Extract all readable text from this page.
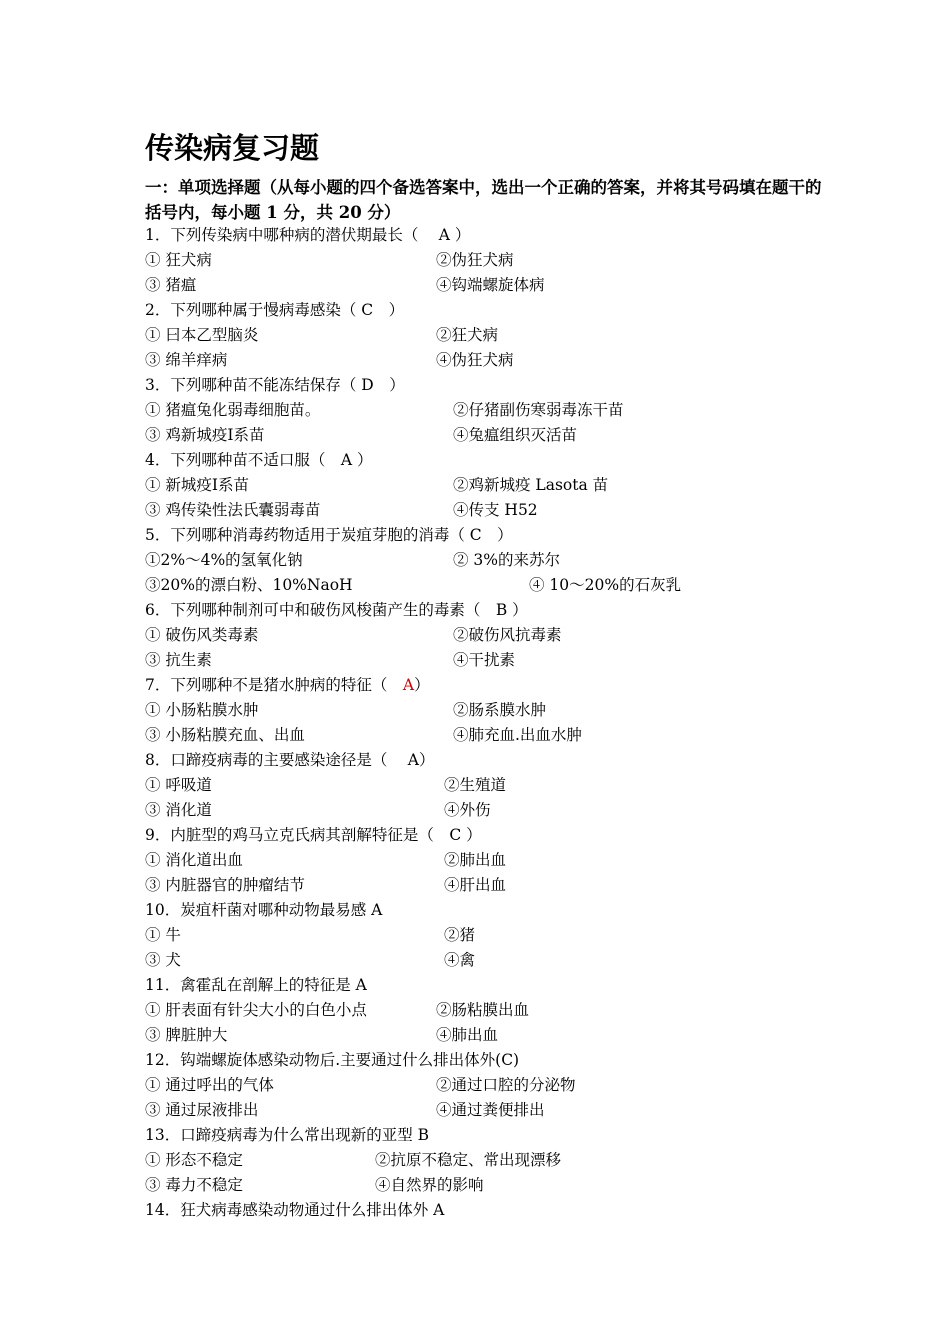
传染病复习题
一：单项选择题（从每小题的四个备选答案中，选出一个正确的答案，并将其号码填在题干的括号内，每小题 1 分，共 20 分）
1．下列传染病中哪种病的潜伏期最长（　 A ）
① 狂犬病	②伪狂犬病
③ 猪瘟	④钩端螺旋体病
2．下列哪种属于慢病毒感染（ C　）
① 曰本乙型脑炎	②狂犬病
③ 绵羊痒病	④伪狂犬病
3．下列哪种苗不能冻结保存（ D　）
① 猪瘟兔化弱毒细胞苗。	②仔猪副伤寒弱毒冻干苗
③ 鸡新城疫Ⅰ系苗	④兔瘟组织灭活苗
4．下列哪种苗不适口服（　A ）
① 新城疫Ⅰ系苗	②鸡新城疫 Lasota 苗
③ 鸡传染性法氏囊弱毒苗	④传支 H52
5．下列哪种消毒药物适用于炭疽芽胞的消毒（ C　）
①2%～4%的氢氧化钠	② 3%的来苏尔
③20%的漂白粉、10%NaoH	④ 10～20%的石灰乳
6．下列哪种制剂可中和破伤风梭菌产生的毒素（　B ）
① 破伤风类毒素	②破伤风抗毒素
③ 抗生素	④干扰素
7．下列哪种不是猪水肿病的特征（　A）
① 小肠粘膜水肿	②肠系膜水肿
③ 小肠粘膜充血、出血	④肺充血.出血水肿
8．口蹄疫病毒的主要感染途径是（　 A）
① 呼吸道	②生殖道
③ 消化道	④外伤
9．内脏型的鸡马立克氏病其剖解特征是（　C ）
① 消化道出血	②肺出血
③ 内脏器官的肿瘤结节	④肝出血
10．炭疽杆菌对哪种动物最易感 A
① 牛	②猪
③ 犬	④禽
11．禽霍乱在剖解上的特征是 A
① 肝表面有针尖大小的白色小点	②肠粘膜出血
③ 脾脏肿大	④肺出血
12．钩端螺旋体感染动物后.主要通过什么排出体外(C)
① 通过呼出的气体	②通过口腔的分泌物
③ 通过尿液排出	④通过粪便排出
13．口蹄疫病毒为什么常出现新的亚型 B
① 形态不稳定	②抗原不稳定、常出现漂移
③ 毒力不稳定	④自然界的影响
14．狂犬病毒感染动物通过什么排出体外 A
